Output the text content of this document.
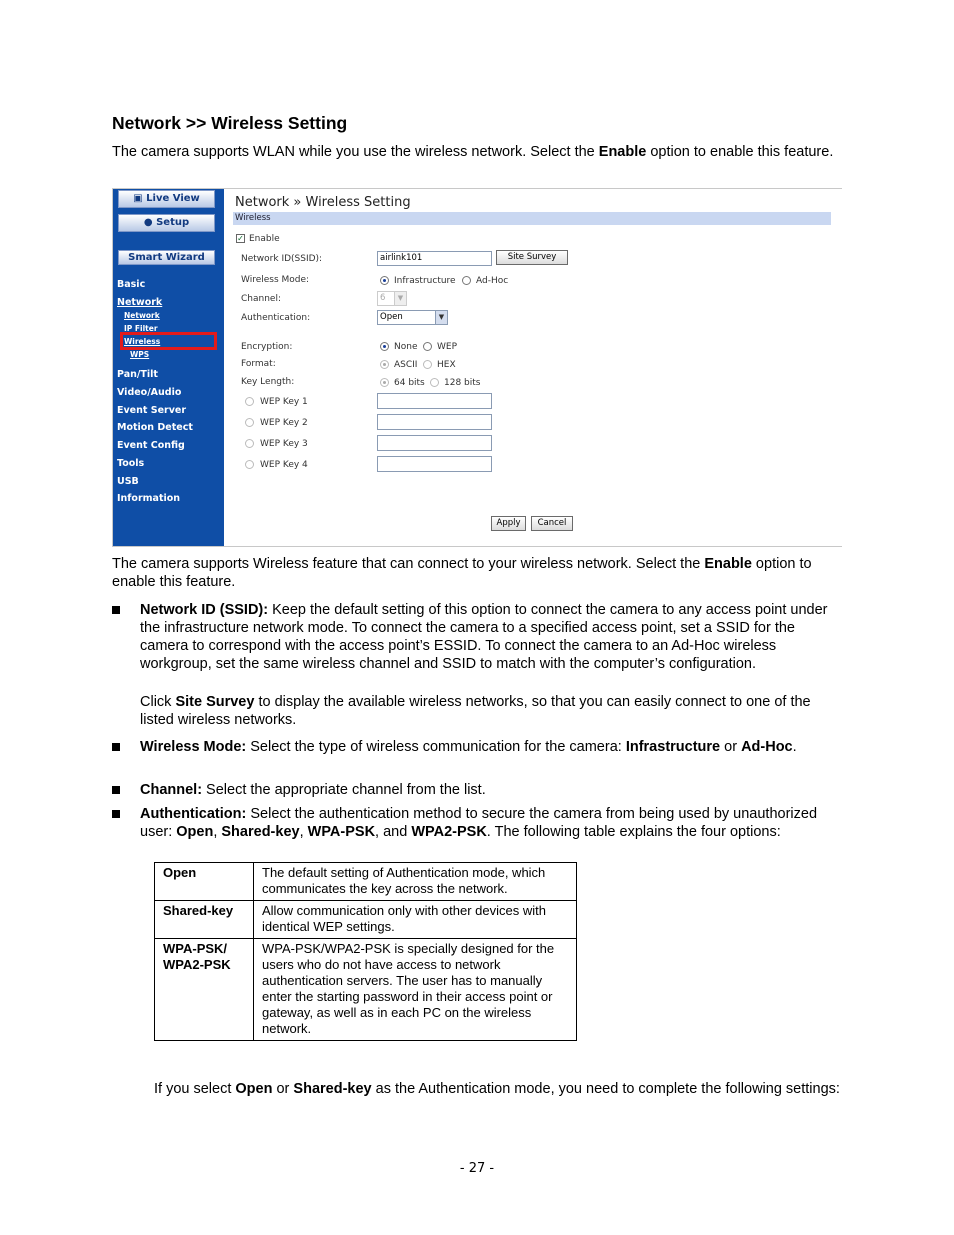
Network >> Wireless Setting

The camera supports WLAN while you use the wireless network. Select the Enable option to enable this feature.

▣ Live View
● Setup
Smart Wizard
Basic
Network
Network
IP Filter
Wireless
WPS
Pan/Tilt
Video/Audio
Event Server
Motion Detect
Event Config
Tools
USB
Information
Network » Wireless Setting
Wireless
✓ Enable
Network ID(SSID):	airlink101	Site Survey
Wireless Mode:	Infrastructure Ad-Hoc
Channel:	6	▼
Authentication:	Open	▼
Encryption:	None WEP
Format:	ASCII HEX
Key Length:	64 bits 128 bits
WEP Key 1
WEP Key 2
WEP Key 3
WEP Key 4
Apply	Cancel

The camera supports Wireless feature that can connect to your wireless network. Select the Enable option to enable this feature.

Network ID (SSID): Keep the default setting of this option to connect the camera to any access point under the infrastructure network mode. To connect the camera to a specified access point, set a SSID for the camera to correspond with the access point’s ESSID. To connect the camera to an Ad-Hoc wireless workgroup, set the same wireless channel and SSID to match with the computer’s configuration.
Click Site Survey to display the available wireless networks, so that you can easily connect to one of the listed wireless networks.
Wireless Mode: Select the type of wireless communication for the camera: Infrastructure or Ad-Hoc.
Channel: Select the appropriate channel from the list.
Authentication: Select the authentication method to secure the camera from being used by unauthorized user: Open, Shared-key, WPA-PSK, and WPA2-PSK. The following table explains the four options:
Open	The default setting of Authentication mode, which communicates the key across the network.
Shared-key	Allow communication only with other devices with identical WEP settings.
WPA-PSK/ WPA2-PSK	WPA-PSK/WPA2-PSK is specially designed for the users who do not have access to network authentication servers. The user has to manually enter the starting password in their access point or gateway, as well as in each PC on the wireless network.

If you select Open or Shared-key as the Authentication mode, you need to complete the following settings:

- 27 -
